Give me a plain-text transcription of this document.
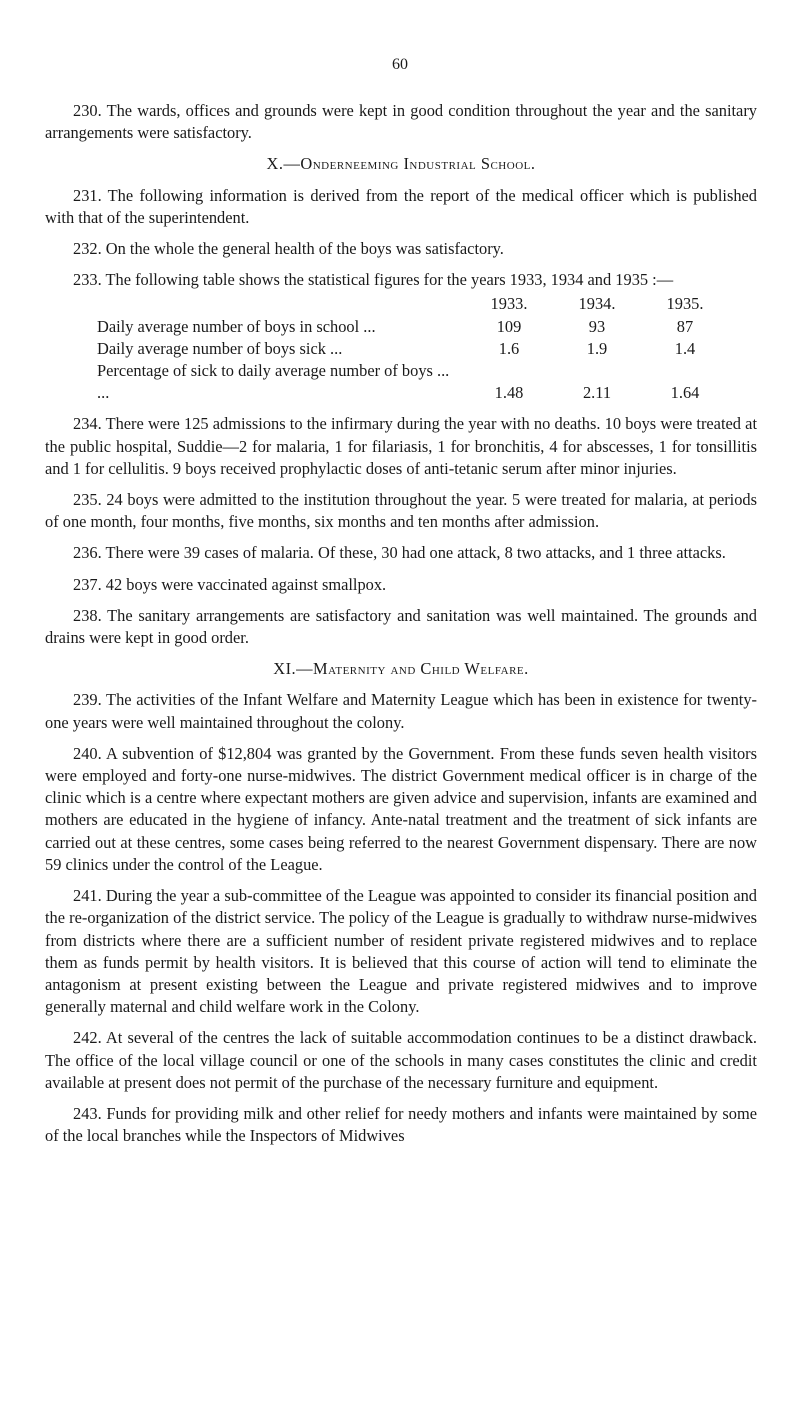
60

230. The wards, offices and grounds were kept in good condition throughout the year and the sanitary arrangements were satisfactory.

X.—Onderneeming Industrial School.

231. The following information is derived from the report of the medical officer which is published with that of the superintendent.

232. On the whole the general health of the boys was satisfactory.

233. The following table shows the statistical figures for the years 1933, 1934 and 1935 :—

1933.	1934.	1935.
Daily average number of boys in school ...	109	93	87
Daily average number of boys sick ...	1.6	1.9	1.4
Percentage of sick to daily average number of boys ... ...	1.48	2.11	1.64

234. There were 125 admissions to the infirmary during the year with no deaths. 10 boys were treated at the public hospital, Suddie—2 for malaria, 1 for filariasis, 1 for bronchitis, 4 for abscesses, 1 for tonsillitis and 1 for cellulitis. 9 boys received prophylactic doses of anti-tetanic serum after minor injuries.

235. 24 boys were admitted to the institution throughout the year. 5 were treated for malaria, at periods of one month, four months, five months, six months and ten months after admission.

236. There were 39 cases of malaria. Of these, 30 had one attack, 8 two attacks, and 1 three attacks.

237. 42 boys were vaccinated against smallpox.

238. The sanitary arrangements are satisfactory and sanitation was well maintained. The grounds and drains were kept in good order.

XI.—Maternity and Child Welfare.

239. The activities of the Infant Welfare and Maternity League which has been in existence for twenty-one years were well maintained throughout the colony.

240. A subvention of $12,804 was granted by the Government. From these funds seven health visitors were employed and forty-one nurse-midwives. The district Government medical officer is in charge of the clinic which is a centre where expectant mothers are given advice and supervision, infants are examined and mothers are educated in the hygiene of infancy. Ante-natal treatment and the treatment of sick infants are carried out at these centres, some cases being referred to the nearest Government dispensary. There are now 59 clinics under the control of the League.

241. During the year a sub-committee of the League was appointed to consider its financial position and the re-organization of the district service. The policy of the League is gradually to withdraw nurse-midwives from districts where there are a sufficient number of resident private registered midwives and to replace them as funds permit by health visitors. It is believed that this course of action will tend to eliminate the antagonism at present existing between the League and private registered midwives and to improve generally maternal and child welfare work in the Colony.

242. At several of the centres the lack of suitable accommodation continues to be a distinct drawback. The office of the local village council or one of the schools in many cases constitutes the clinic and credit available at present does not permit of the purchase of the necessary furniture and equipment.

243. Funds for providing milk and other relief for needy mothers and infants were maintained by some of the local branches while the Inspectors of Midwives
